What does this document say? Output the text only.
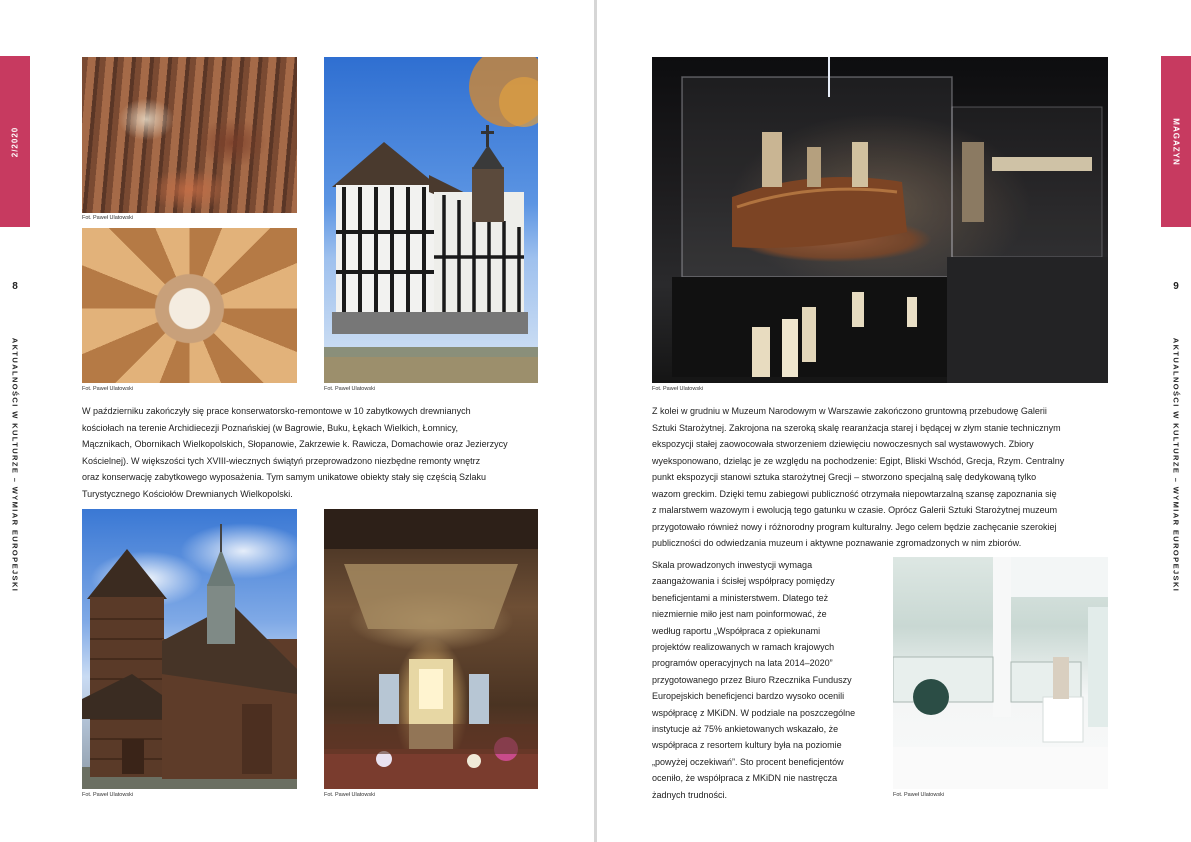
2/2020
8
AKTUALNOŚCI W KULTURZE – WYMIAR EUROPEJSKI
Fot. Paweł Ulatowski
Fot. Paweł Ulatowski	Fot. Paweł Ulatowski
W październiku zakończyły się prace konserwatorsko-remontowe w 10 zabytkowych drewnianych
kościołach na terenie Archidiecezji Poznańskiej (w Bagrowie, Buku, Łękach Wielkich, Łomnicy,
Mącznikach, Obornikach Wielkopolskich, Słopanowie, Zakrzewie k. Rawicza, Domachowie oraz Jezierzycy
Kościelnej). W większości tych XVIII-wiecznych świątyń przeprowadzono niezbędne remonty wnętrz
oraz konserwację zabytkowego wyposażenia. Tym samym unikatowe obiekty stały się częścią Szlaku
Turystycznego Kościołów Drewnianych Wielkopolski.
Fot. Paweł Ulatowski	Fot. Paweł Ulatowski
MAGAZYN
9
AKTUALNOŚCI W KULTURZE – WYMIAR EUROPEJSKI
Fot. Paweł Ulatowski
Z kolei w grudniu w Muzeum Narodowym w Warszawie zakończono gruntowną przebudowę Galerii
Sztuki Starożytnej. Zakrojona na szeroką skalę rearanżacja starej i będącej w złym stanie technicznym
ekspozycji stałej zaowocowała stworzeniem dziewięciu nowoczesnych sal wystawowych. Zbiory
wyeksponowano, dzieląc je ze względu na pochodzenie: Egipt, Bliski Wschód, Grecja, Rzym. Centralny
punkt ekspozycji stanowi sztuka starożytnej Grecji – stworzono specjalną salę dedykowaną tylko
wazom greckim. Dzięki temu zabiegowi publiczność otrzymała niepowtarzalną szansę zapoznania się
z malarstwem wazowym i ewolucją tego gatunku w czasie. Oprócz Galerii Sztuki Starożytnej muzeum
przygotowało również nowy i różnorodny program kulturalny. Jego celem będzie zachęcanie szerokiej
publiczności do odwiedzania muzeum i aktywne poznawanie zgromadzonych w nim zbiorów.
Skala prowadzonych inwestycji wymaga
zaangażowania i ścisłej współpracy pomiędzy
beneficjentami a ministerstwem. Dlatego też
niezmiernie miło jest nam poinformować, że
według raportu „Współpraca z opiekunami
projektów realizowanych w ramach krajowych
programów operacyjnych na lata 2014–2020”
przygotowanego przez Biuro Rzecznika Funduszy
Europejskich beneficjenci bardzo wysoko ocenili
współpracę z MKiDN. W podziale na poszczególne
instytucje aż 75% ankietowanych wskazało, że
współpraca z resortem kultury była na poziomie
„powyżej oczekiwań”. Sto procent beneficjentów
oceniło, że współpraca z MKiDN nie nastręcza
żadnych trudności.	Fot. Paweł Ulatowski
